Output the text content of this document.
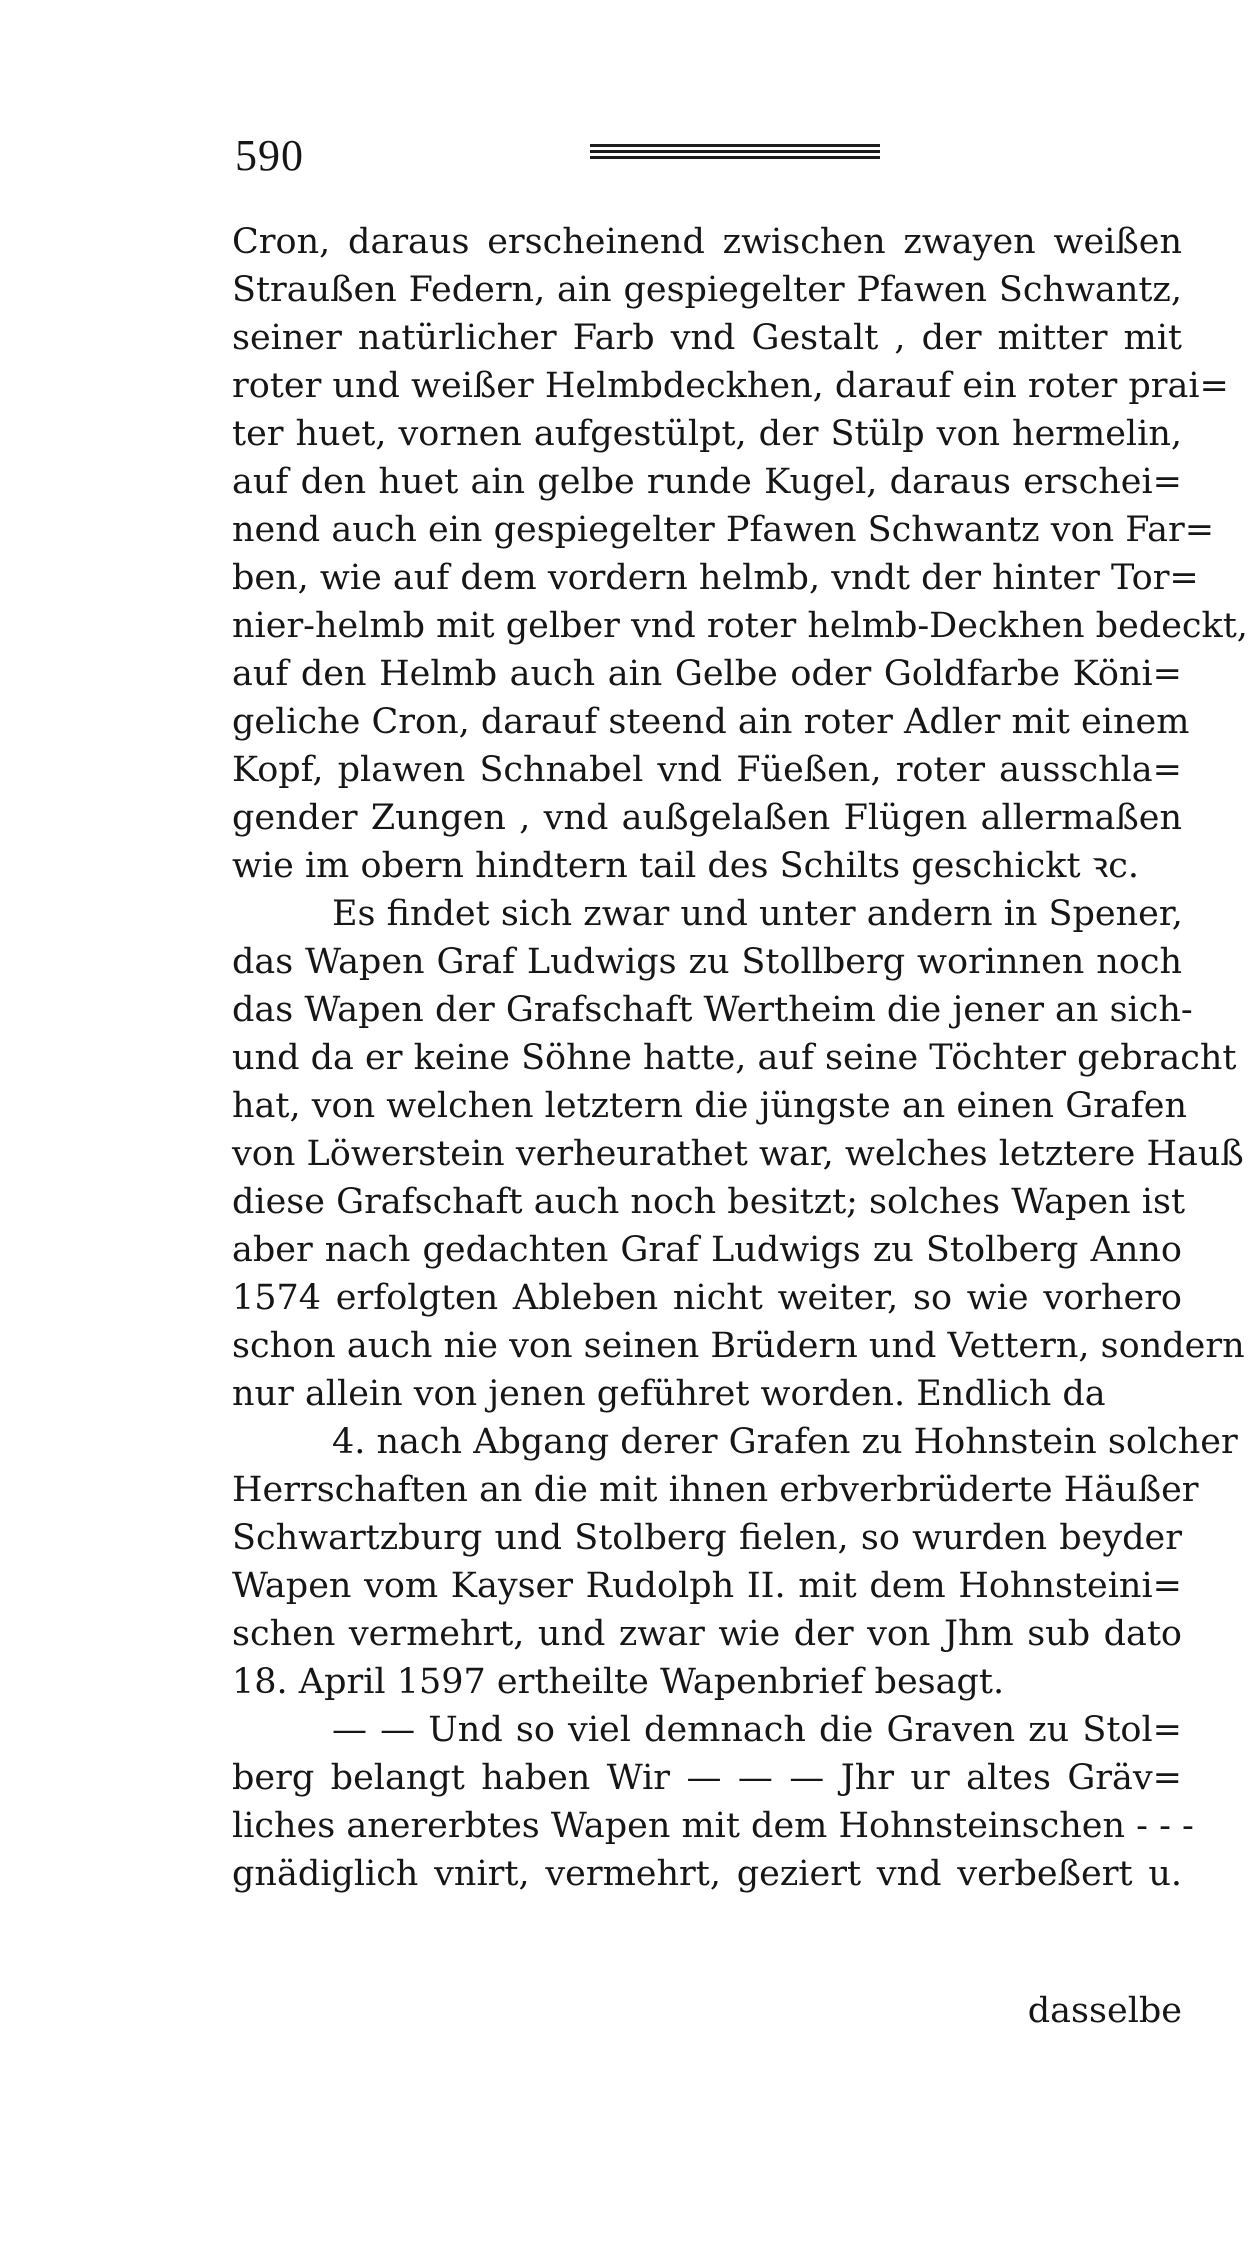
590
Cron, daraus erscheinend zwischen zwayen weißen
Straußen Federn, ain gespiegelter Pfawen Schwantz,
seiner natürlicher Farb vnd Gestalt , der mitter mit
roter und weißer Helmbdeckhen, darauf ein roter prai=
ter huet, vornen aufgestülpt, der Stülp von hermelin,
auf den huet ain gelbe runde Kugel, daraus erschei=
nend auch ein gespiegelter Pfawen Schwantz von Far=
ben, wie auf dem vordern helmb, vndt der hinter Tor=
nier-helmb mit gelber vnd roter helmb-Deckhen bedeckt,
auf den Helmb auch ain Gelbe oder Goldfarbe Köni=
geliche Cron, darauf steend ain roter Adler mit einem
Kopf, plawen Schnabel vnd Füeßen, roter ausschla=
gender Zungen , vnd außgelaßen Flügen allermaßen
wie im obern hindtern tail des Schilts geschickt ꝛc.
Es findet sich zwar und unter andern in Spener,
das Wapen Graf Ludwigs zu Stollberg worinnen noch
das Wapen der Grafschaft Wertheim die jener an sich-
und da er keine Söhne hatte, auf seine Töchter gebracht
hat, von welchen letztern die jüngste an einen Grafen
von Löwerstein verheurathet war, welches letztere Hauß
diese Grafschaft auch noch besitzt; solches Wapen ist
aber nach gedachten Graf Ludwigs zu Stolberg Anno
1574 erfolgten Ableben nicht weiter, so wie vorhero
schon auch nie von seinen Brüdern und Vettern, sondern
nur allein von jenen geführet worden. Endlich da
4. nach Abgang derer Grafen zu Hohnstein solcher
Herrschaften an die mit ihnen erbverbrüderte Häußer
Schwartzburg und Stolberg fielen, so wurden beyder
Wapen vom Kayser Rudolph II. mit dem Hohnsteini=
schen vermehrt, und zwar wie der von Jhm sub dato
18. April 1597 ertheilte Wapenbrief besagt.
— — Und so viel demnach die Graven zu Stol=
berg belangt haben Wir — — — Jhr ur altes Gräv=
liches anererbtes Wapen mit dem Hohnsteinschen - - -
gnädiglich vnirt, vermehrt, geziert vnd verbeßert u.
dasselbe
